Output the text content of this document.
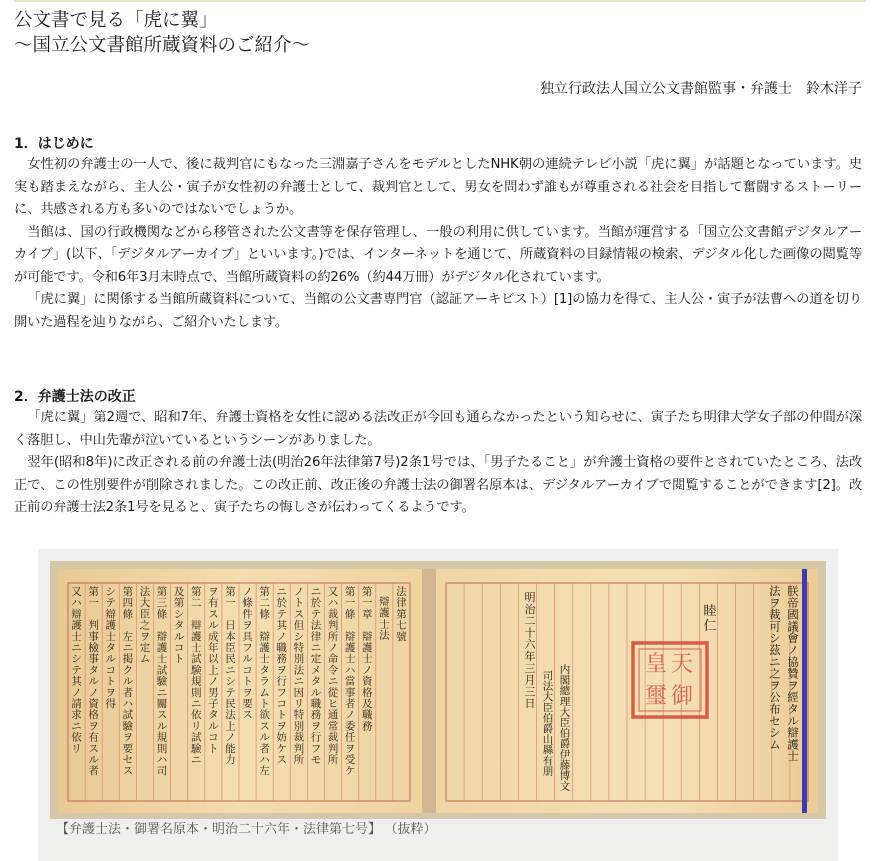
公文書で見る「虎に翼」
〜国立公文書館所蔵資料のご紹介〜
独立行政法人国立公文書館監事・弁護士　鈴木洋子
1．はじめに

女性初の弁護士の一人で、後に裁判官にもなった三淵嘉子さんをモデルとしたNHK朝の連続テレビ小説「虎に翼」が話題となっています。史実も踏まえながら、主人公・寅子が女性初の弁護士として、裁判官として、男女を問わず誰もが尊重される社会を目指して奮闘するストーリーに、共感される方も多いのではないでしょうか。

当館は、国の行政機関などから移管された公文書等を保存管理し、一般の利用に供しています。当館が運営する「国立公文書館デジタルアーカイブ」(以下、「デジタルアーカイブ」といいます。)では、インターネットを通じて、所蔵資料の目録情報の検索、デジタル化した画像の閲覧等が可能です。令和6年3月末時点で、当館所蔵資料の約26%（約44万冊）がデジタル化されています。

「虎に翼」に関係する当館所蔵資料について、当館の公文書専門官（認証アーキビスト）[1]の協力を得て、主人公・寅子が法曹への道を切り開いた過程を辿りながら、ご紹介いたします。

2．弁護士法の改正

「虎に翼」第2週で、昭和7年、弁護士資格を女性に認める法改正が今回も通らなかったという知らせに、寅子たち明律大学女子部の仲間が深く落胆し、中山先輩が泣いているというシーンがありました。

翌年(昭和8年)に改正される前の弁護士法(明治26年法律第7号)2条1号では、「男子たること」が弁護士資格の要件とされていたところ、法改正で、この性別要件が削除されました。この改正前、改正後の弁護士法の御署名原本は、デジタルアーカイブで閲覧することができます[2]。改正前の弁護士法2条1号を見ると、寅子たちの悔しさが伝わってくるようです。

法律第七號
辯護士法
第一章　辯護士ノ資格及職務
第一條　辯護士ハ當事者ノ委任ヲ受ケ
又ハ裁判所ノ命令ニ從ヒ通常裁判所
ニ於テ法律ニ定メタル職務ヲ行フモ
ノトス但シ特別法ニ因リ特別裁判所
ニ於テ其ノ職務ヲ行フコトヲ妨ケス
第二條　辯護士タラムト欲スル者ハ左
ノ條件ヲ具フルコトヲ要ス
第一　日本臣民ニシテ民法上ノ能力
ヲ有スル成年以上ノ男子タルコト
第二　辯護士試験規則ニ依リ試驗ニ
及第シタルコト
第三條　辯護士試驗ニ關スル規則ハ司
法大臣之ヲ定ム
第四條　左ニ掲クル者ハ試驗ヲ要セス
シテ辯護士タルコトヲ得
第一　判事檢事タルノ資格ヲ有スル者
又ハ辯護士ニシテ其ノ請求ニ依リ
朕帝國議會ノ協贊ヲ經タル辯護士
法ヲ裁可シ茲ニ之ヲ公布セシム
睦仁
明治二十六年三月三日
内閣總理大臣伯爵伊藤博文
司法大臣伯爵山縣有朋
天皇御璽
【弁護士法・御署名原本・明治二十六年・法律第七号】 （抜粋）
